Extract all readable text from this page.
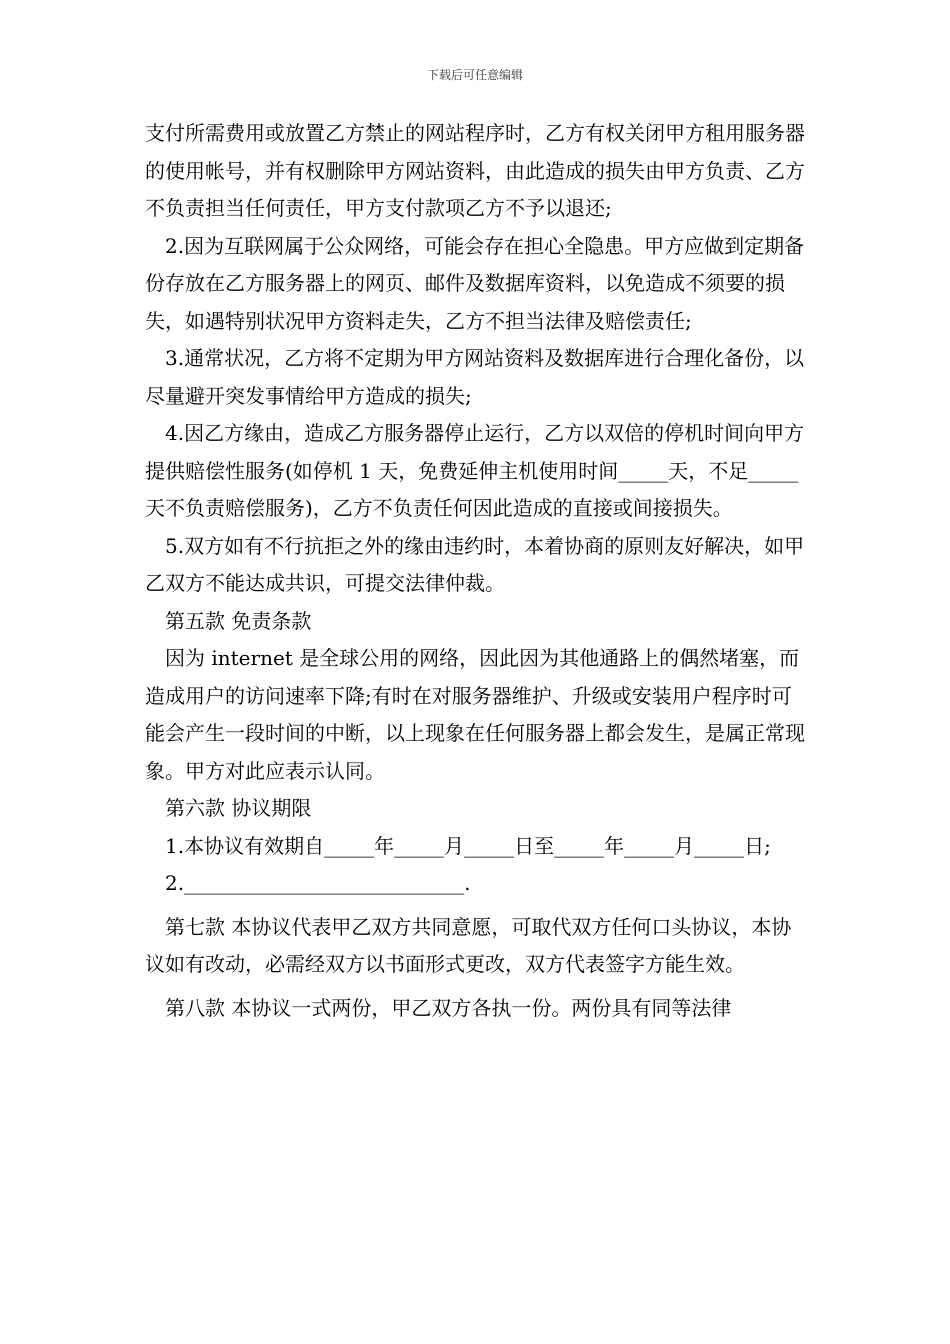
下载后可任意编辑

支付所需费用或放置乙方禁止的网站程序时，乙方有权关闭甲方租用服务器的使用帐号，并有权删除甲方网站资料，由此造成的损失由甲方负责、乙方不负责担当任何责任，甲方支付款项乙方不予以退还;

2.因为互联网属于公众网络，可能会存在担心全隐患。甲方应做到定期备份存放在乙方服务器上的网页、邮件及数据库资料，以免造成不须要的损失，如遇特别状况甲方资料走失，乙方不担当法律及赔偿责任;

3.通常状况，乙方将不定期为甲方网站资料及数据库进行合理化备份，以尽量避开突发事情给甲方造成的损失;

4.因乙方缘由，造成乙方服务器停止运行，乙方以双倍的停机时间向甲方提供赔偿性服务(如停机 1 天，免费延伸主机使用时间_____天，不足_____天不负责赔偿服务)，乙方不负责任何因此造成的直接或间接损失。

5.双方如有不行抗拒之外的缘由违约时，本着协商的原则友好解决，如甲乙双方不能达成共识，可提交法律仲裁。

第五款 免责条款

因为 internet 是全球公用的网络，因此因为其他通路上的偶然堵塞，而造成用户的访问速率下降;有时在对服务器维护、升级或安装用户程序时可能会产生一段时间的中断，以上现象在任何服务器上都会发生，是属正常现象。甲方对此应表示认同。

第六款 协议期限

1.本协议有效期自_____年_____月_____日至_____年_____月_____日;

2.____________________________.

第七款 本协议代表甲乙双方共同意愿，可取代双方任何口头协议，本协议如有改动，必需经双方以书面形式更改，双方代表签字方能生效。

第八款 本协议一式两份，甲乙双方各执一份。两份具有同等法律
